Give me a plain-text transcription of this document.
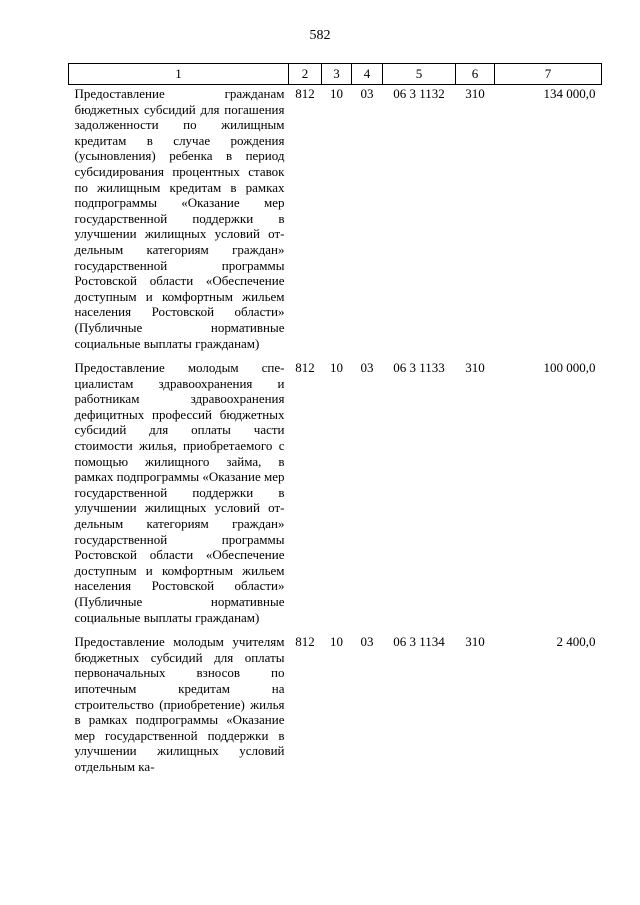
582
1	2	3	4	5	6	7
Предоставление гражданам бюджетных субсидий для погашения задолженности по жилищным кредитам в случае рождения (усыновления) ребенка в период субсидирования процентных ставок по жилищным кредитам в рамках подпрограммы «Оказание мер государственной поддержки в улучшении жилищных условий отдельным категориям граждан» государственной программы Ростовской области «Обеспечение доступным и комфортным жильем населения Ростовской области» (Публичные нормативные социальные выплаты гражданам)	812	10	03	06 3 1132	310	134 000,0
Предоставление молодым специалистам здравоохранения и работникам здравоохранения дефицитных профессий бюджетных субсидий для оплаты части стоимости жилья, приобретаемого с помощью жилищного займа, в рамках подпрограммы «Оказание мер государственной поддержки в улучшении жилищных условий отдельным категориям граждан» государственной программы Ростовской области «Обеспечение доступным и комфортным жильем населения Ростовской области» (Публичные нормативные социальные выплаты гражданам)	812	10	03	06 3 1133	310	100 000,0
Предоставление молодым учителям бюджетных субсидий для оплаты первоначальных взносов по ипотечным кредитам на строительство (приобретение) жилья в рамках подпрограммы «Оказание мер государственной поддержки в улучшении жилищных условий отдельным ка-	812	10	03	06 3 1134	310	2 400,0
